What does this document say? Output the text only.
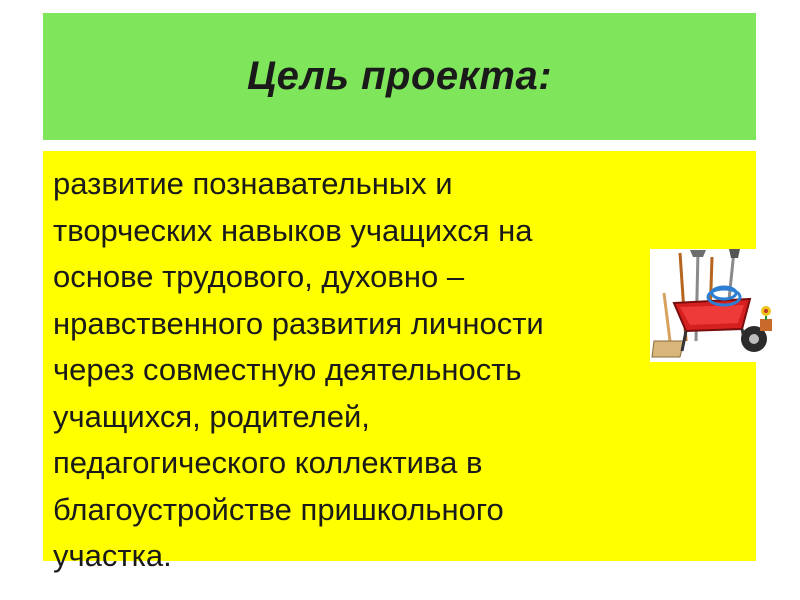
Цель проекта:

развитие познавательных и
творческих навыков учащихся на
основе трудового, духовно –
нравственного развития личности
через совместную деятельность
учащихся, родителей,
педагогического коллектива в
благоустройстве пришкольного
участка.
